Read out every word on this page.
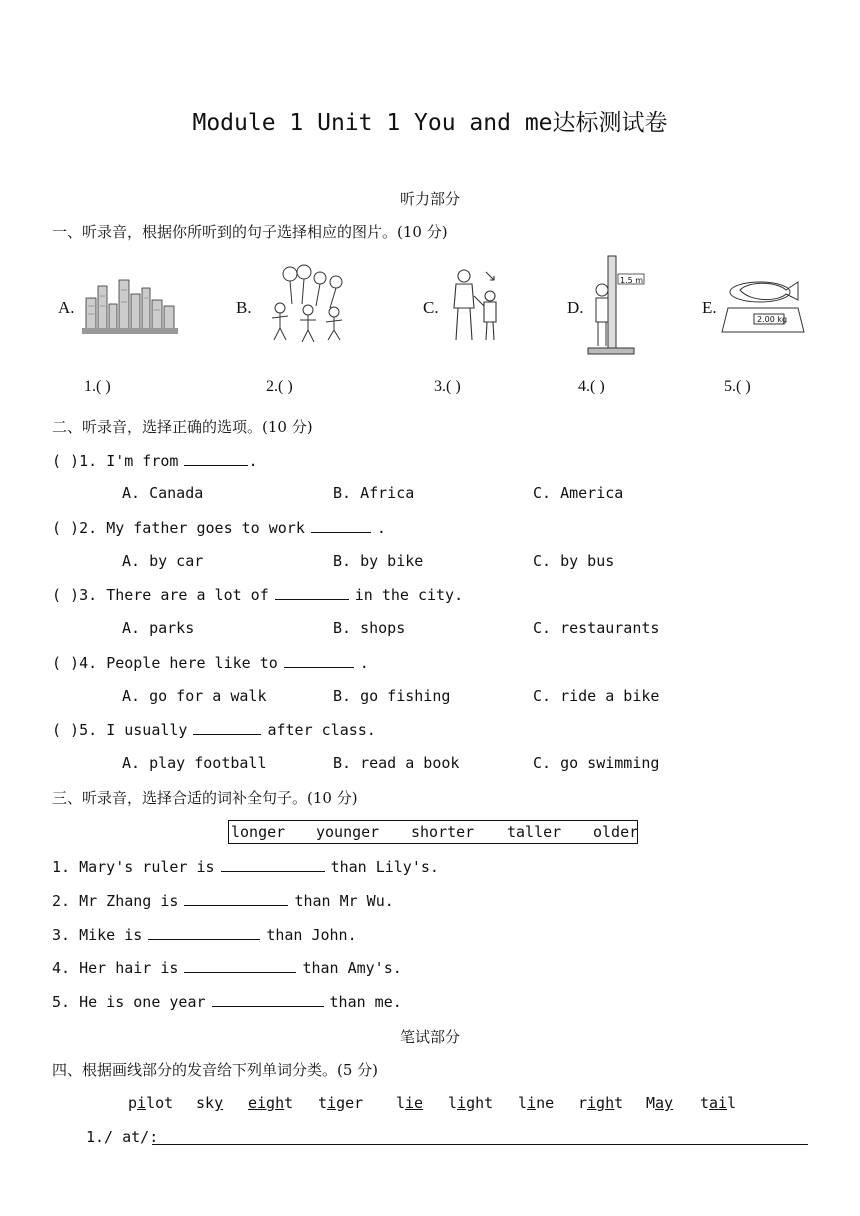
Module 1 Unit 1 You and me达标测试卷
听力部分
一、听录音，根据你所听到的句子选择相应的图片。(10 分)
A.	B.	C.	D.
1.5 m
E.
2.00 kg
1.( )	2.( )	3.( )	4.( )	5.( )
二、听录音，选择正确的选项。(10 分)
( )1. I'm from	.
A. Canada	B. Africa	C. America
( )2. My father goes to work	.
A. by car	B. by bike	C. by bus
( )3. There are a lot of	in the city.
A. parks	B. shops	C. restaurants
( )4. People here like to	.
A. go for a walk	B. go fishing	C. ride a bike
( )5. I usually	after class.
A. play football	B. read a book	C. go swimming
三、听录音，选择合适的词补全句子。(10 分)
longer younger shorter taller older
1. Mary's ruler is	than Lily's.
2. Mr Zhang is	than Mr Wu.
3. Mike is	than John.
4. Her hair is	than Amy's.
5. He is one year	than me.
笔试部分
四、根据画线部分的发音给下列单词分类。(5 分)
pilot sky eight tiger lie light line right May tail
1./ at/:
